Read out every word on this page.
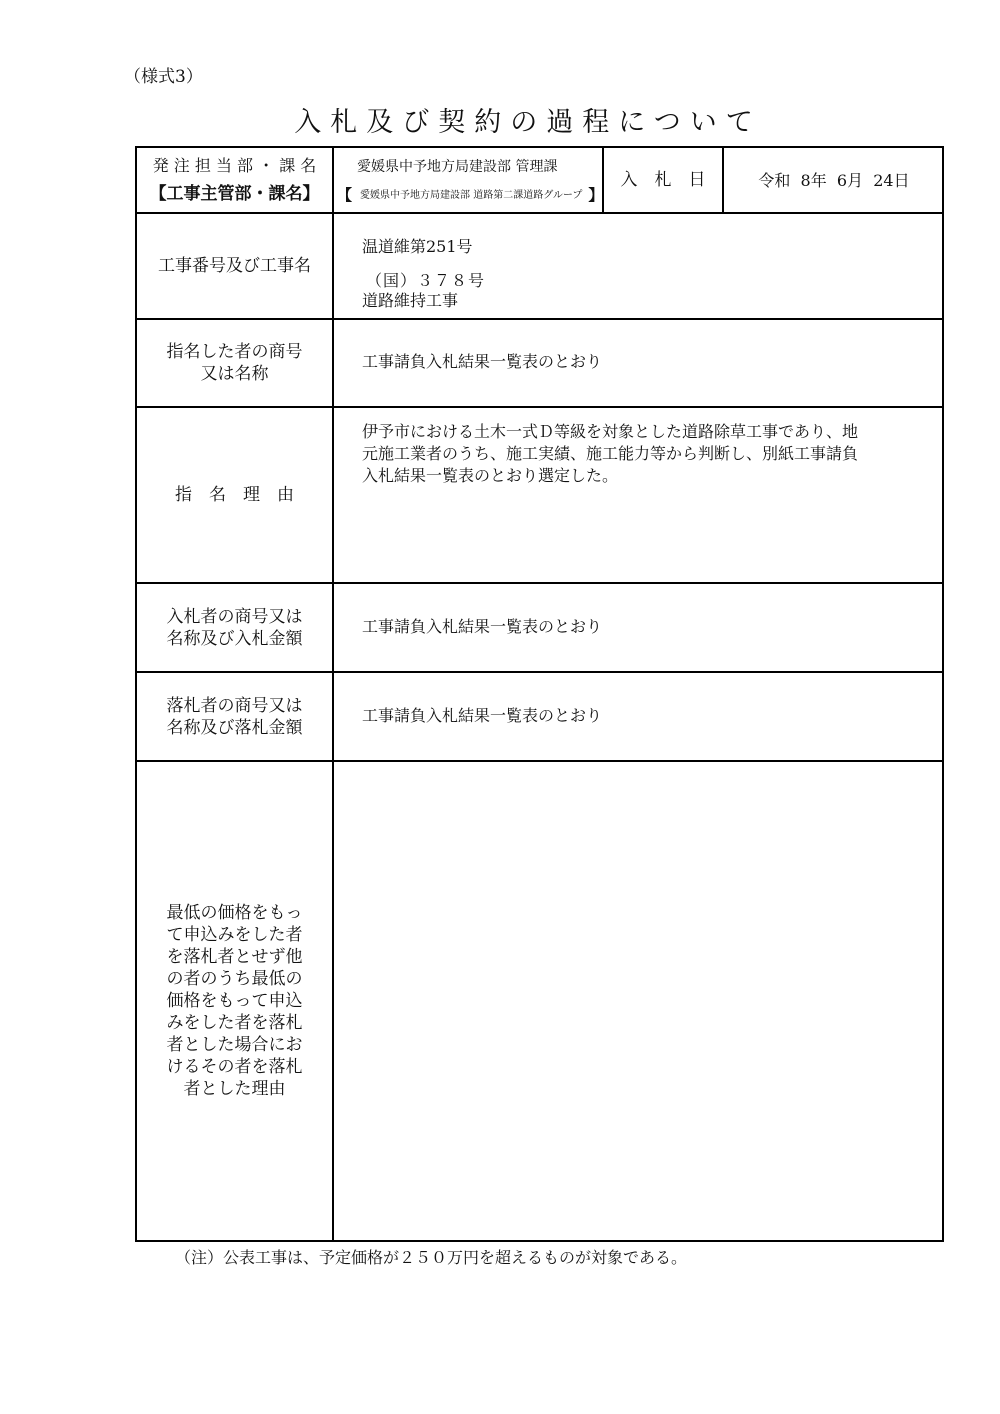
（様式3）
入札及び契約の過程について
発 注 担 当 部 ・ 課 名
【工事主管部・課名】
愛媛県中予地方局建設部 管理課
【 愛媛県中予地方局建設部 道路第二課道路グループ 】
入　札　日	令和  8年  6月  24日
工事番号及び工事名
温道維第251号
（国）３７８号
道路維持工事
指名した者の商号
又は名称
工事請負入札結果一覧表のとおり
指　名　理　由
伊予市における土木一式Ｄ等級を対象とした道路除草工事であり、地
元施工業者のうち、施工実績、施工能力等から判断し、別紙工事請負
入札結果一覧表のとおり選定した。
入札者の商号又は
名称及び入札金額
工事請負入札結果一覧表のとおり
落札者の商号又は
名称及び落札金額
工事請負入札結果一覧表のとおり
最低の価格をもっ
て申込みをした者
を落札者とせず他
の者のうち最低の
価格をもって申込
みをした者を落札
者とした場合にお
けるその者を落札
者とした理由
（注）公表工事は、予定価格が２５０万円を超えるものが対象である。
